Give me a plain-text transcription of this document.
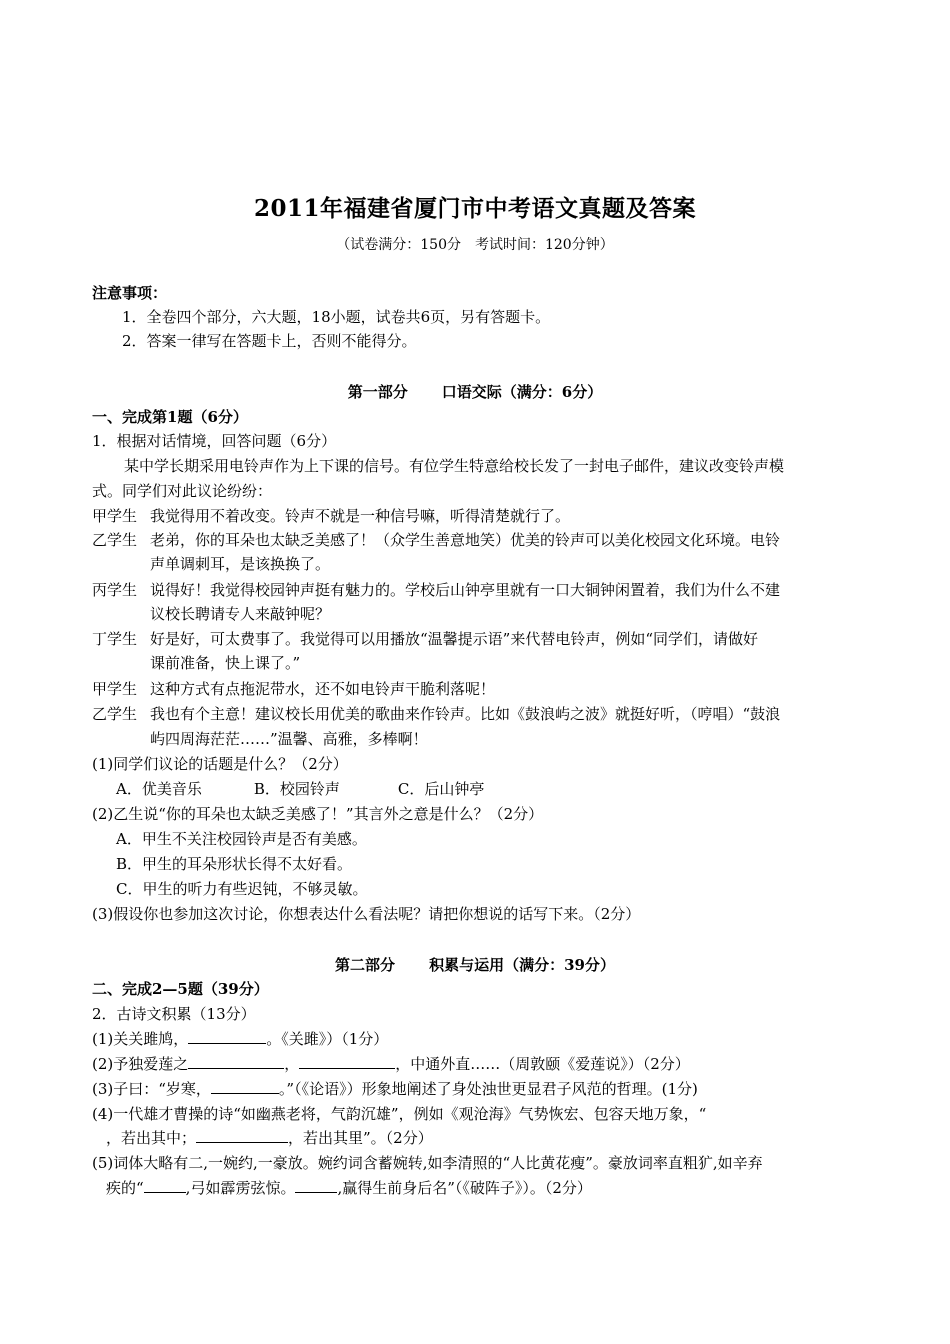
2011年福建省厦门市中考语文真题及答案
（试卷满分：150分　考试时间：120分钟）
注意事项：
1．全卷四个部分，六大题，18小题，试卷共6页，另有答题卡。
2．答案一律写在答题卡上，否则不能得分。
第一部分 口语交际（满分：6分）
一、完成第1题（6分）
1．根据对话情境，回答问题（6分）
某中学长期采用电铃声作为上下课的信号。有位学生特意给校长发了一封电子邮件，建议改变铃声模
式。同学们对此议论纷纷：
甲学生 我觉得用不着改变。铃声不就是一种信号嘛，听得清楚就行了。
乙学生 老弟，你的耳朵也太缺乏美感了！（众学生善意地笑）优美的铃声可以美化校园文化环境。电铃
声单调刺耳，是该换换了。
丙学生 说得好！我觉得校园钟声挺有魅力的。学校后山钟亭里就有一口大铜钟闲置着，我们为什么不建
议校长聘请专人来敲钟呢？
丁学生 好是好，可太费事了。我觉得可以用播放“温馨提示语”来代替电铃声，例如“同学们，请做好
课前准备，快上课了。”
甲学生 这种方式有点拖泥带水，还不如电铃声干脆利落呢！
乙学生 我也有个主意！建议校长用优美的歌曲来作铃声。比如《鼓浪屿之波》就挺好听，（哼唱）“鼓浪
屿四周海茫茫……”温馨、高雅，多棒啊！
(1)同学们议论的话题是什么？（2分）
A．优美音乐	B．校园铃声	C．后山钟亭
(2)乙生说“你的耳朵也太缺乏美感了！”其言外之意是什么？（2分）
A．甲生不关注校园铃声是否有美感。
B．甲生的耳朵形状长得不太好看。
C．甲生的听力有些迟钝，不够灵敏。
(3)假设你也参加这次讨论，你想表达什么看法呢？请把你想说的话写下来。（2分）
第二部分 积累与运用（满分：39分）
二、完成2—5题（39分）
2．古诗文积累（13分）
(1)关关雎鸠，	。《关雎》）（1分）
(2)予独爱莲之	，	，中通外直……（周敦颐《爱莲说》）（2分）
(3)子曰：“岁寒，	。”（《论语》）形象地阐述了身处浊世更显君子风范的哲理。(1分)
(4)一代雄才曹操的诗“如幽燕老将，气韵沉雄”，例如《观沧海》气势恢宏、包容天地万象，“
，若出其中；	，若出其里”。（2分）
(5)词体大略有二,一婉约,一豪放。婉约词含蓄婉转,如李清照的“人比黄花瘦”。豪放词率直粗犷,如辛弃
疾的“	,弓如霹雳弦惊。	,赢得生前身后名”（《破阵子》）。（2分）
